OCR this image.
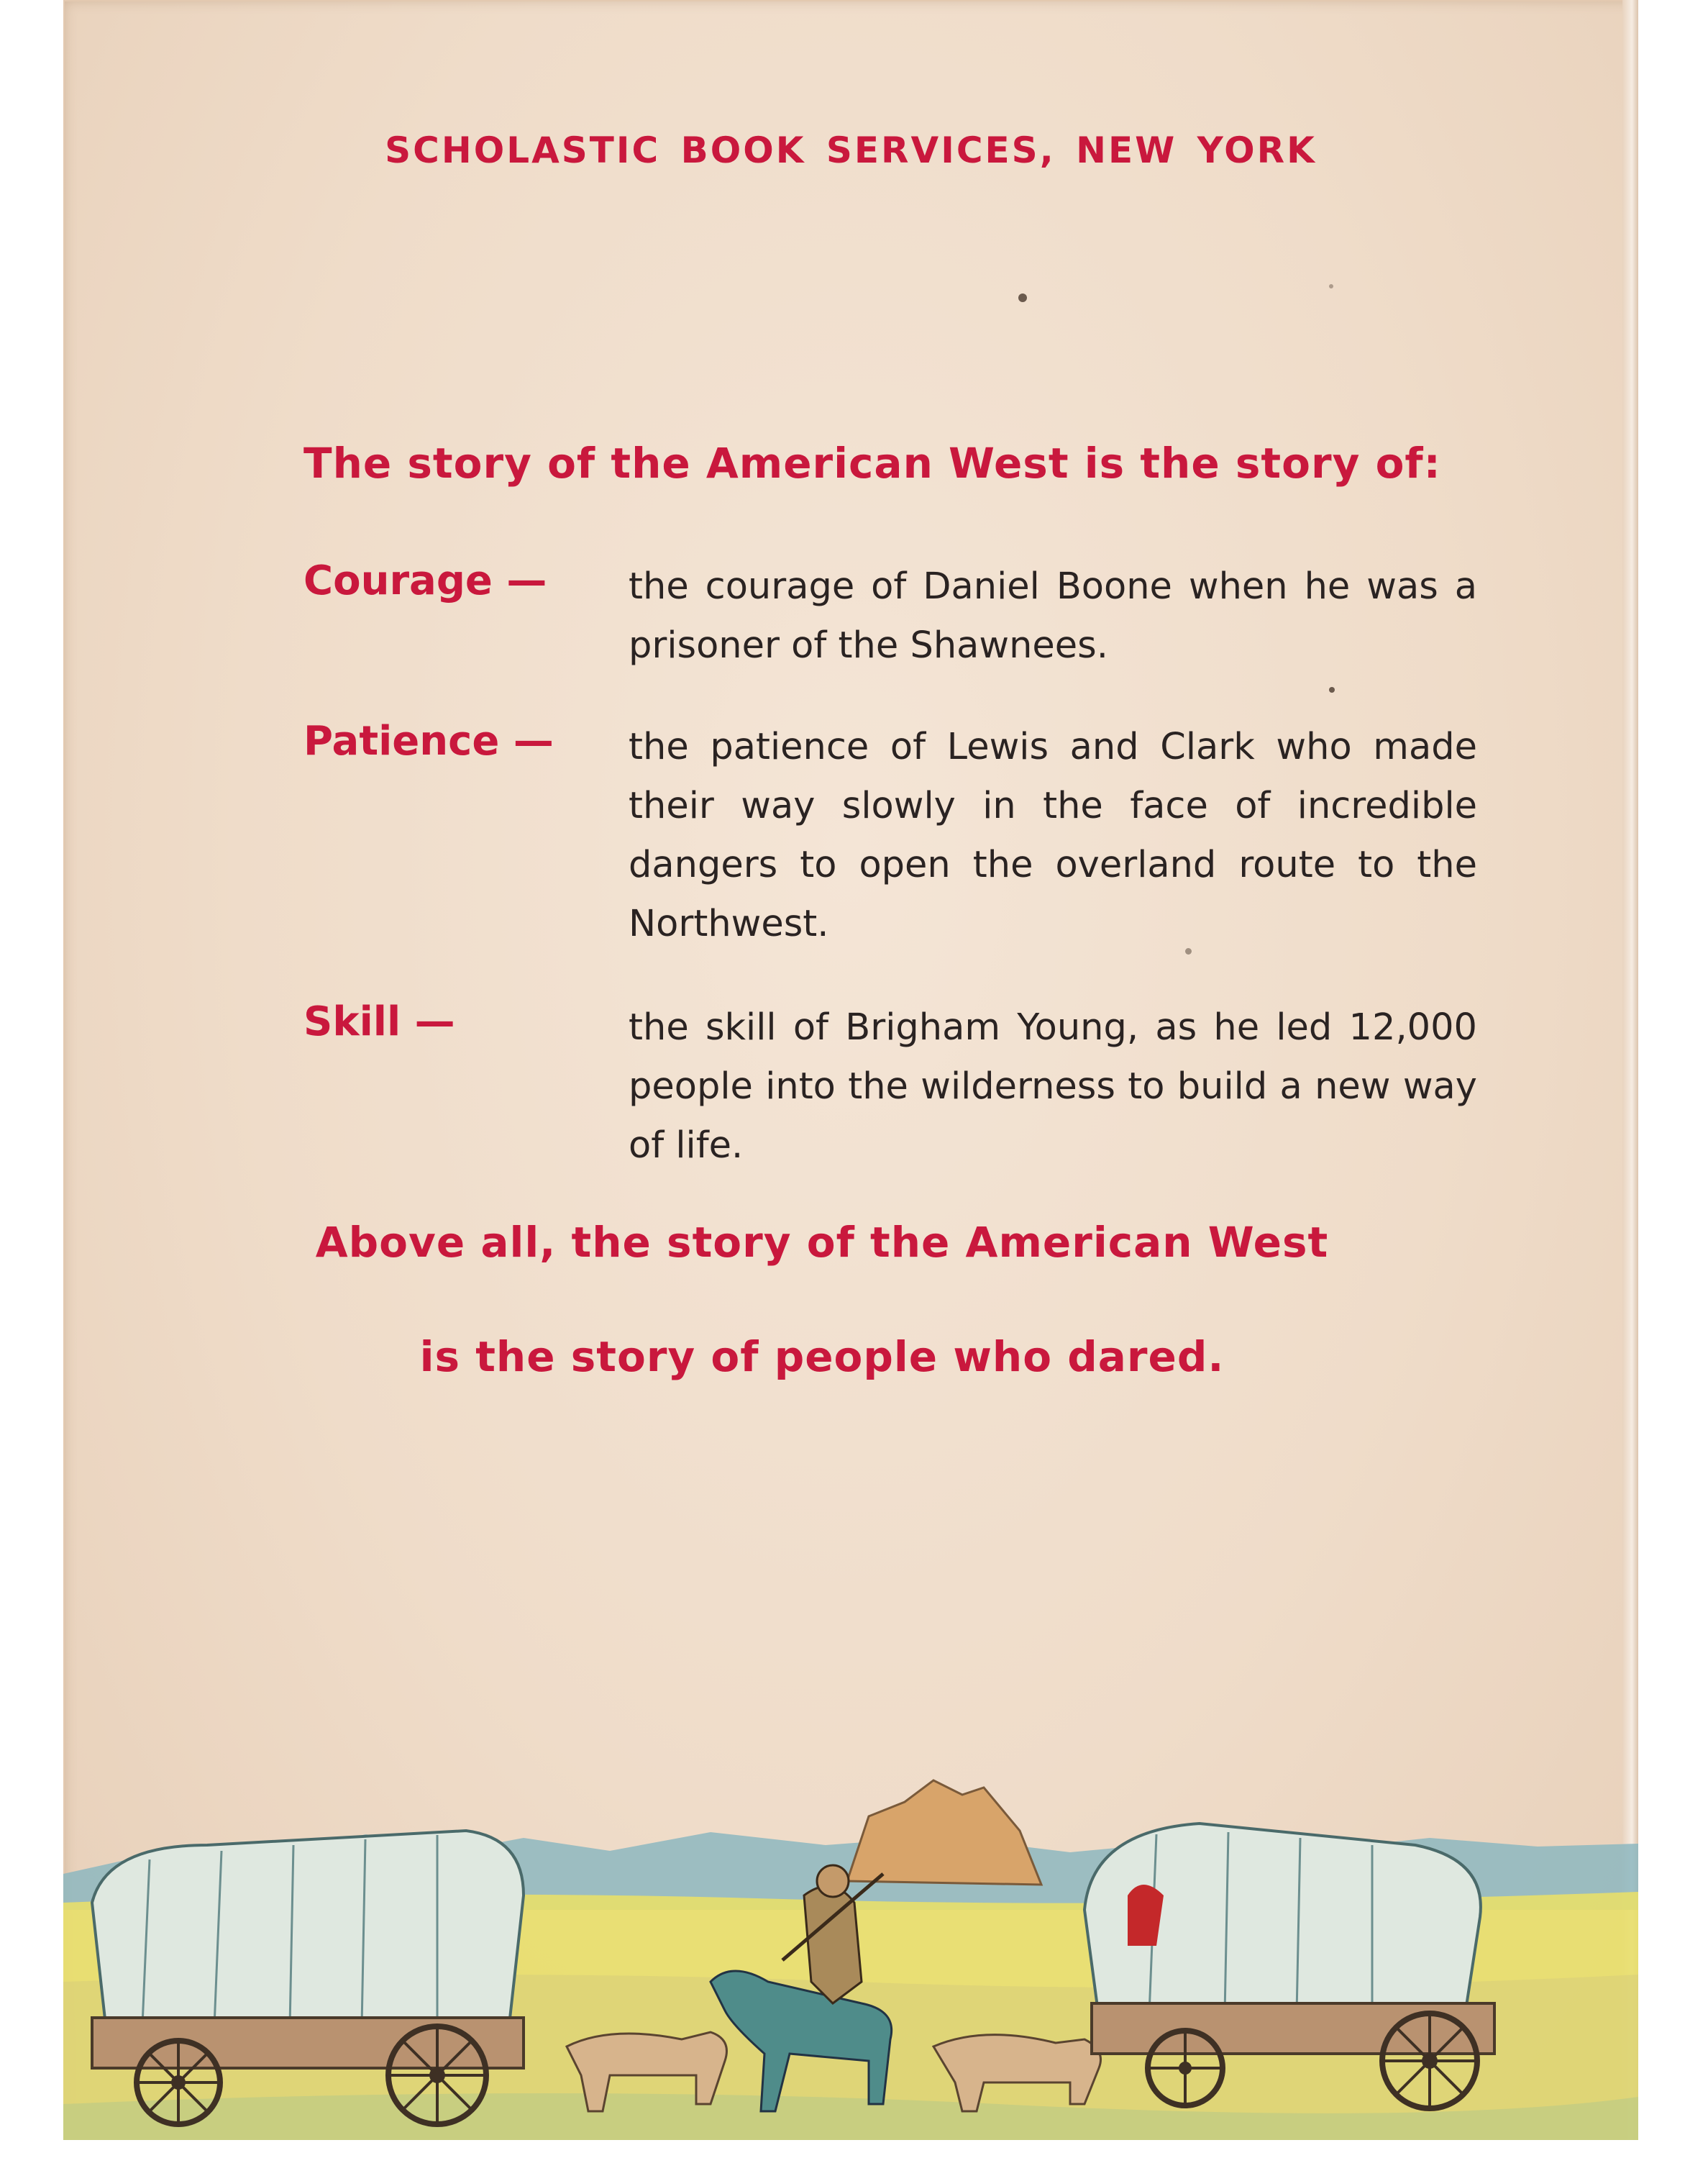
SCHOLASTIC BOOK SERVICES, NEW YORK
The story of the American West is the story of:
Courage — the courage of Daniel Boone when he was a prisoner of the Shawnees.
Patience — the patience of Lewis and Clark who made their way slowly in the face of incredible dangers to open the overland route to the Northwest.
Skill —	the skill of Brigham Young, as he led 12,000 people into the wilderness to build a new way of life.
Above all, the story of the American West
is the story of people who dared.
